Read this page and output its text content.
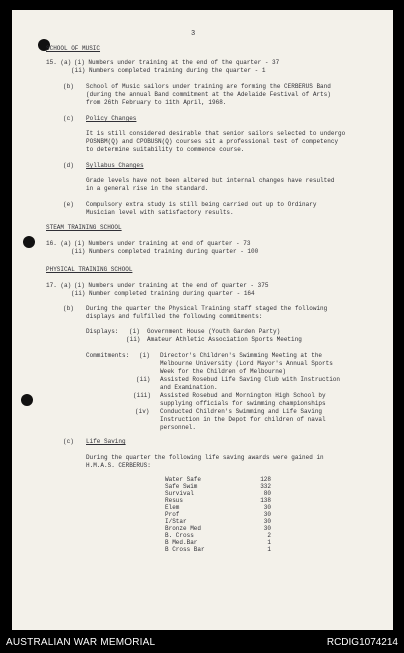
3
SCHOOL OF MUSIC
15. (a) (i) Numbers under training at the end of the quarter - 37
(ii) Numbers completed training during the quarter - 1
(b) School of Music sailors under training are forming the CERBERUS Band
(during the annual Band commitment at the Adelaide Festival of Arts)
from 26th February to 11th April, 1968.
(c) Policy Changes
It is still considered desirable that senior sailors selected to undergo
POSNBM(Q) and CPOBUSN(Q) courses sit a professional test of competency
to determine suitability to commence course.
(d) Syllabus Changes
Grade levels have not been altered but internal changes have resulted
in a general rise in the standard.
(e) Compulsory extra study is still being carried out up to Ordinary
Musician level with satisfactory results.
STEAM TRAINING SCHOOL
16. (a) (i) Numbers under training at end of quarter - 73
(ii) Numbers completed training during quarter - 100
PHYSICAL TRAINING SCHOOL
17. (a) (i) Numbers under training at the end of quarter - 375
(ii) Number completed training during quarter - 164
(b) During the quarter the Physical Training staff staged the following
displays and fulfilled the following commitments:
Displays: (i) Government House (Youth Garden Party)
(ii) Amateur Athletic Association Sports Meeting
Commitments: (i) Director's Children's Swimming Meeting at the
Melbourne University (Lord Mayor's Annual Sports
Week for the Children of Melbourne)
(ii) Assisted Rosebud Life Saving Club with Instruction
and Examination.
(iii) Assisted Rosebud and Mornington High School by
supplying officials for swimming championships
(iv) Conducted Children's Swimming and Life Saving
Instruction in the Depot for children of naval
personnel.
(c) Life Saving
During the quarter the following life saving awards were gained in
H.M.A.S. CERBERUS:
Water Safe	128
Safe Swim	332
Survival	80
Resus	138
Elem	30
Prof	30
I/Star	30
Bronze Med	30
B. Cross	2
B Med.Bar	1
B Cross Bar	1
AUSTRALIAN WAR MEMORIAL	RCDIG1074214
